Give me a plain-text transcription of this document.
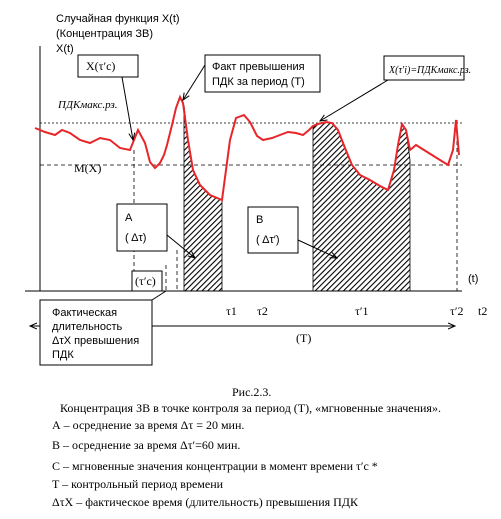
Случайная функция X(t)
(Концентрация ЗВ)
X(t)
ПДКмакс.рз.
M(X)
X(τ′c)	Факт превышения
ПДК за период (Т)
X(τ′i)=ПДКмакс.рз.
A
( Δτ)
B
( Δτ′)
(τ′c)	(t)
τ1 τ2	τ′1	τ′2 t2
Фактическая
длительность
ΔτX превышения
ПДК
(Т)
Рис.2.3.
Концентрация ЗВ в точке контроля за период (Т), «мгновенные значения».
А – осреднение за время Δτ = 20 мин.
В – осреднение за время Δτ′=60 мин.
С – мгновенные значения концентрации в момент времени τ′c *
T – контрольный период времени
ΔτX – фактическое время (длительность) превышения ПДК
